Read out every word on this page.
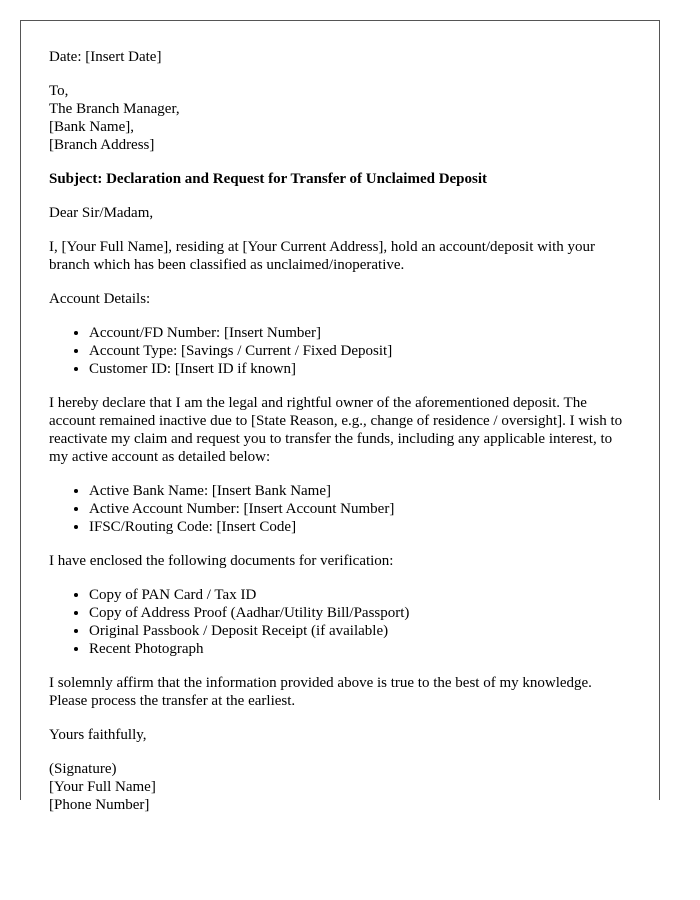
Date: [Insert Date]

To,
The Branch Manager,
[Bank Name],
[Branch Address]

Subject: Declaration and Request for Transfer of Unclaimed Deposit

Dear Sir/Madam,

I, [Your Full Name], residing at [Your Current Address], hold an account/deposit with your branch which has been classified as unclaimed/inoperative.

Account Details:

• Account/FD Number: [Insert Number]
• Account Type: [Savings / Current / Fixed Deposit]
• Customer ID: [Insert ID if known]

I hereby declare that I am the legal and rightful owner of the aforementioned deposit. The account remained inactive due to [State Reason, e.g., change of residence / oversight]. I wish to reactivate my claim and request you to transfer the funds, including any applicable interest, to my active account as detailed below:

• Active Bank Name: [Insert Bank Name]
• Active Account Number: [Insert Account Number]
• IFSC/Routing Code: [Insert Code]

I have enclosed the following documents for verification:

• Copy of PAN Card / Tax ID
• Copy of Address Proof (Aadhar/Utility Bill/Passport)
• Original Passbook / Deposit Receipt (if available)
• Recent Photograph

I solemnly affirm that the information provided above is true to the best of my knowledge. Please process the transfer at the earliest.

Yours faithfully,

(Signature)
[Your Full Name]
[Phone Number]
